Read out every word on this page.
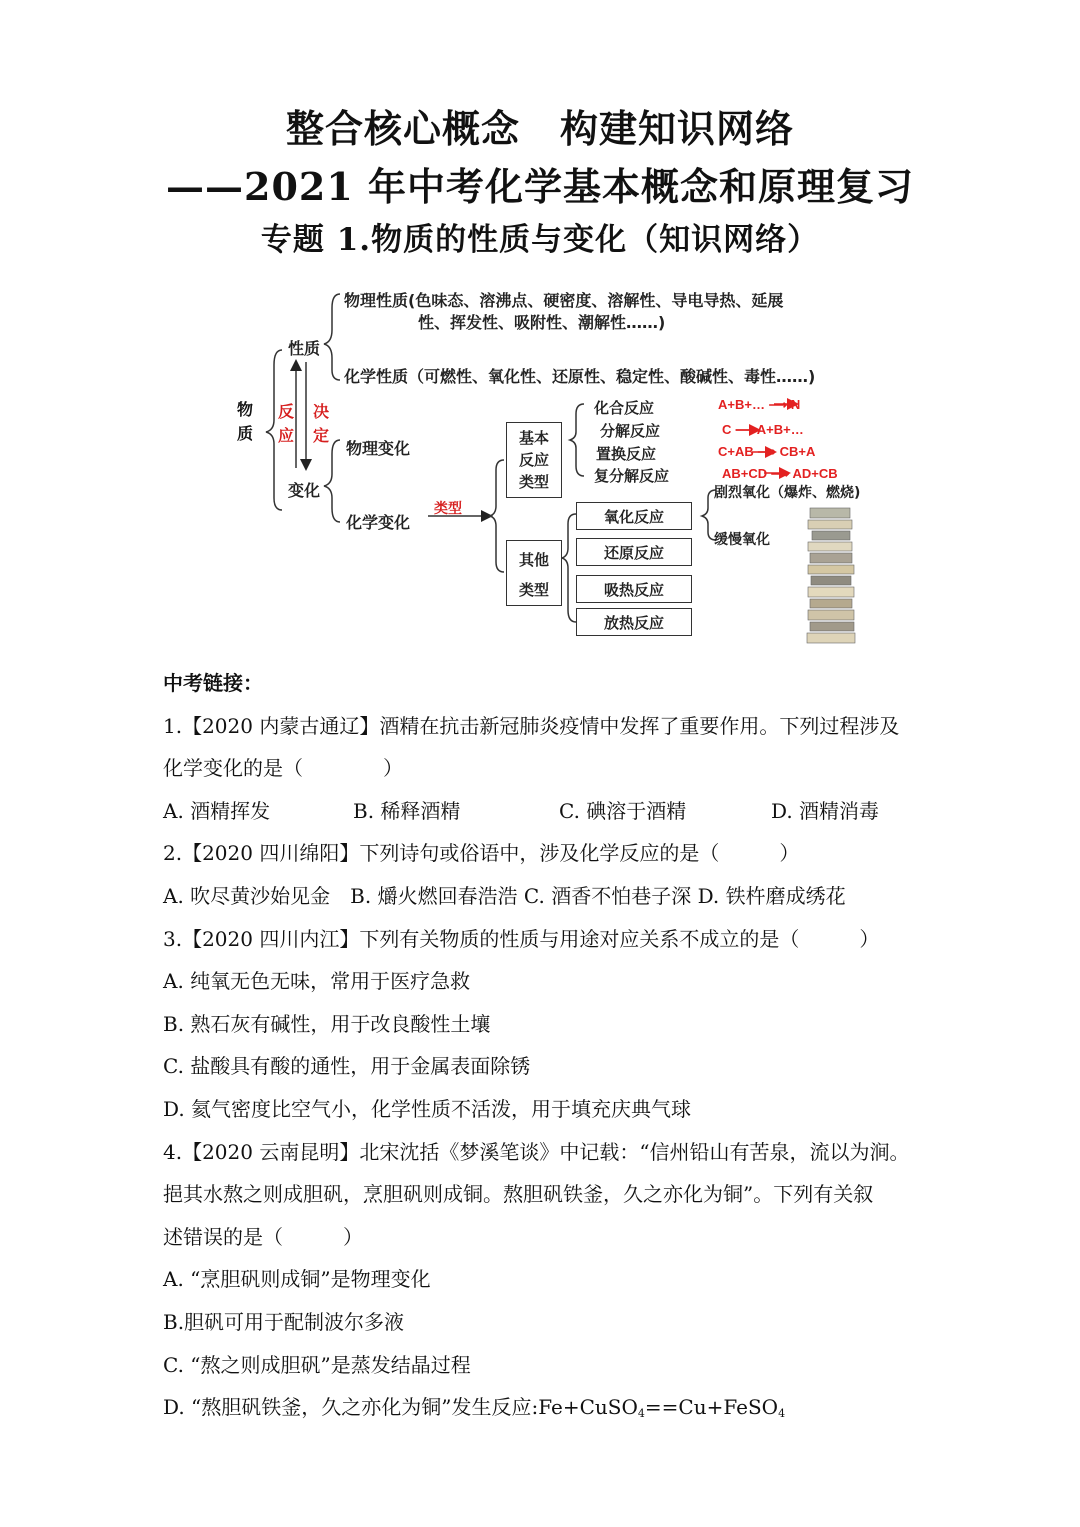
整合核心概念 构建知识网络
——2021 年中考化学基本概念和原理复习
专题 1.物质的性质与变化（知识网络）
物
质
性质
变化
反
应
决
定
物理性质(色味态、溶沸点、硬密度、溶解性、导电导热、延展
性、挥发性、吸附性、潮解性……)
化学性质（可燃性、氧化性、还原性、稳定性、酸碱性、毒性……)
物理变化
化学变化
类型
基本
反应
类型
化合反应
分解反应
置换反应
复分解反应
A+B+… ⟶ N
C ⟶ A+B+…
C+AB ⟶ CB+A
AB+CD ⟶ AD+CB
其他
类型
氧化反应
还原反应
吸热反应
放热反应
剧烈氧化（爆炸、燃烧)
缓慢氧化
中考链接：
1.【2020 内蒙古通辽】酒精在抗击新冠肺炎疫情中发挥了重要作用。下列过程涉及
化学变化的是（　　　　）
A. 酒精挥发	B. 稀释酒精	C. 碘溶于酒精	D. 酒精消毒
2.【2020 四川绵阳】下列诗句或俗语中，涉及化学反应的是（　　　）
A. 吹尽黄沙始见金　B. 爝火燃回春浩浩 C. 酒香不怕巷子深 D. 铁杵磨成绣花
3.【2020 四川内江】下列有关物质的性质与用途对应关系不成立的是（　　　）
A. 纯氧无色无味，常用于医疗急救
B. 熟石灰有碱性，用于改良酸性土壤
C. 盐酸具有酸的通性，用于金属表面除锈
D. 氦气密度比空气小，化学性质不活泼，用于填充庆典气球
4.【2020 云南昆明】北宋沈括《梦溪笔谈》中记载：“信州铅山有苦泉，流以为涧。
挹其水熬之则成胆矾，烹胆矾则成铜。熬胆矾铁釜，久之亦化为铜”。下列有关叙
述错误的是（　　　）
A. “烹胆矾则成铜”是物理变化
B.胆矾可用于配制波尔多液
C. “熬之则成胆矾”是蒸发结晶过程
D. “熬胆矾铁釜，久之亦化为铜”发生反应:Fe+CuSO$_4$==Cu+FeSO$_4$
